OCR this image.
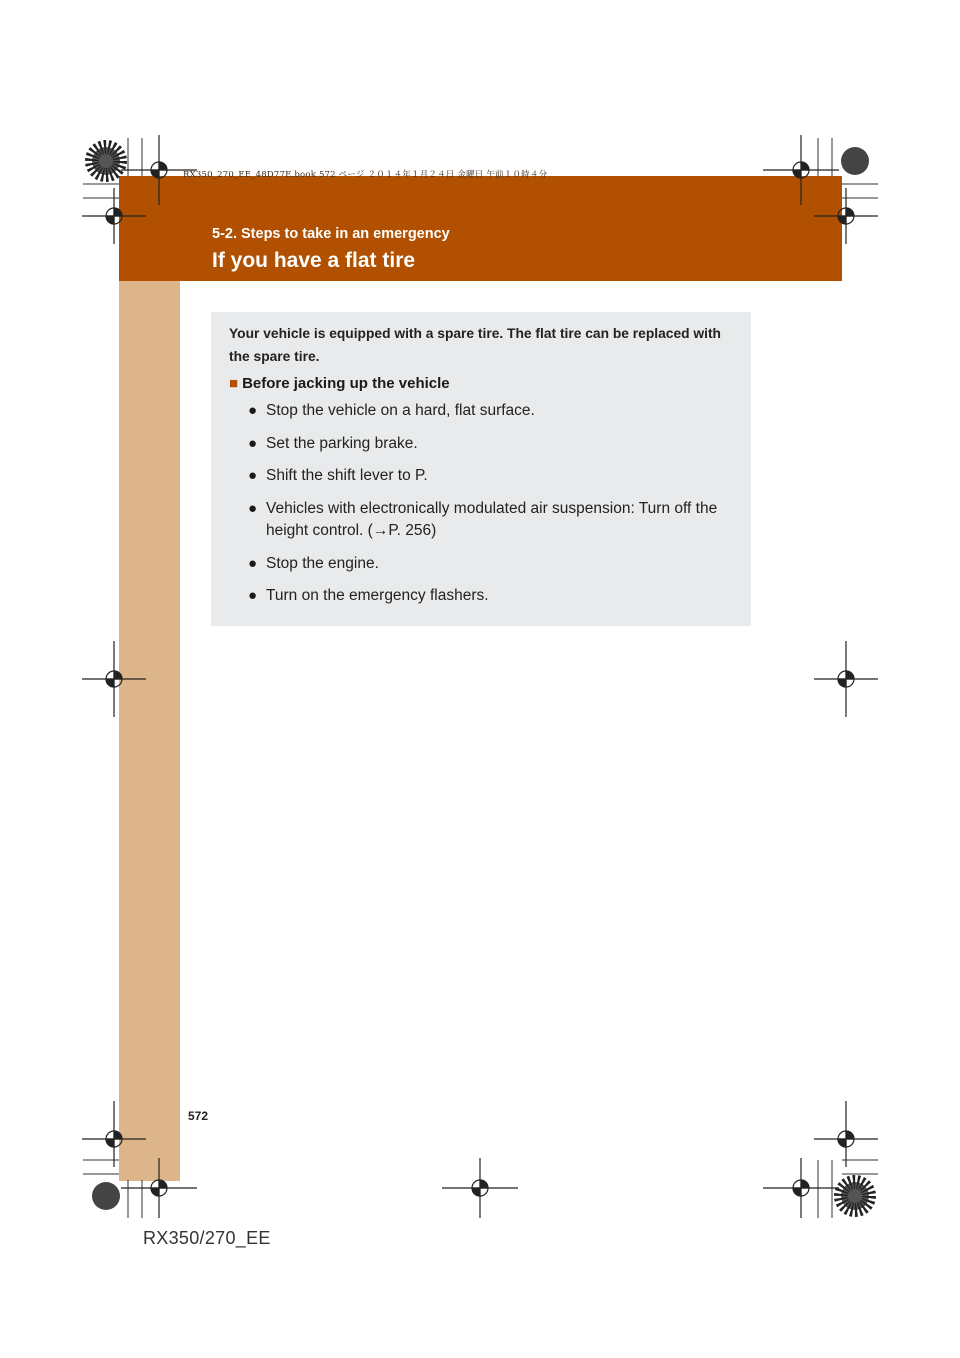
RX350_270_EE_48D77E.book 572 ページ ２０１４年１月２４日 金曜日 午前１０時４分
5-2. Steps to take in an emergency
If you have a flat tire
Your vehicle is equipped with a spare tire. The flat tire can be replaced with the spare tire.
■ Before jacking up the vehicle
● Stop the vehicle on a hard, flat surface.
● Set the parking brake.
● Shift the shift lever to P.
● Vehicles with electronically modulated air suspension: Turn off the height control. (→P. 256)
● Stop the engine.
● Turn on the emergency flashers.
572
RX350/270_EE
